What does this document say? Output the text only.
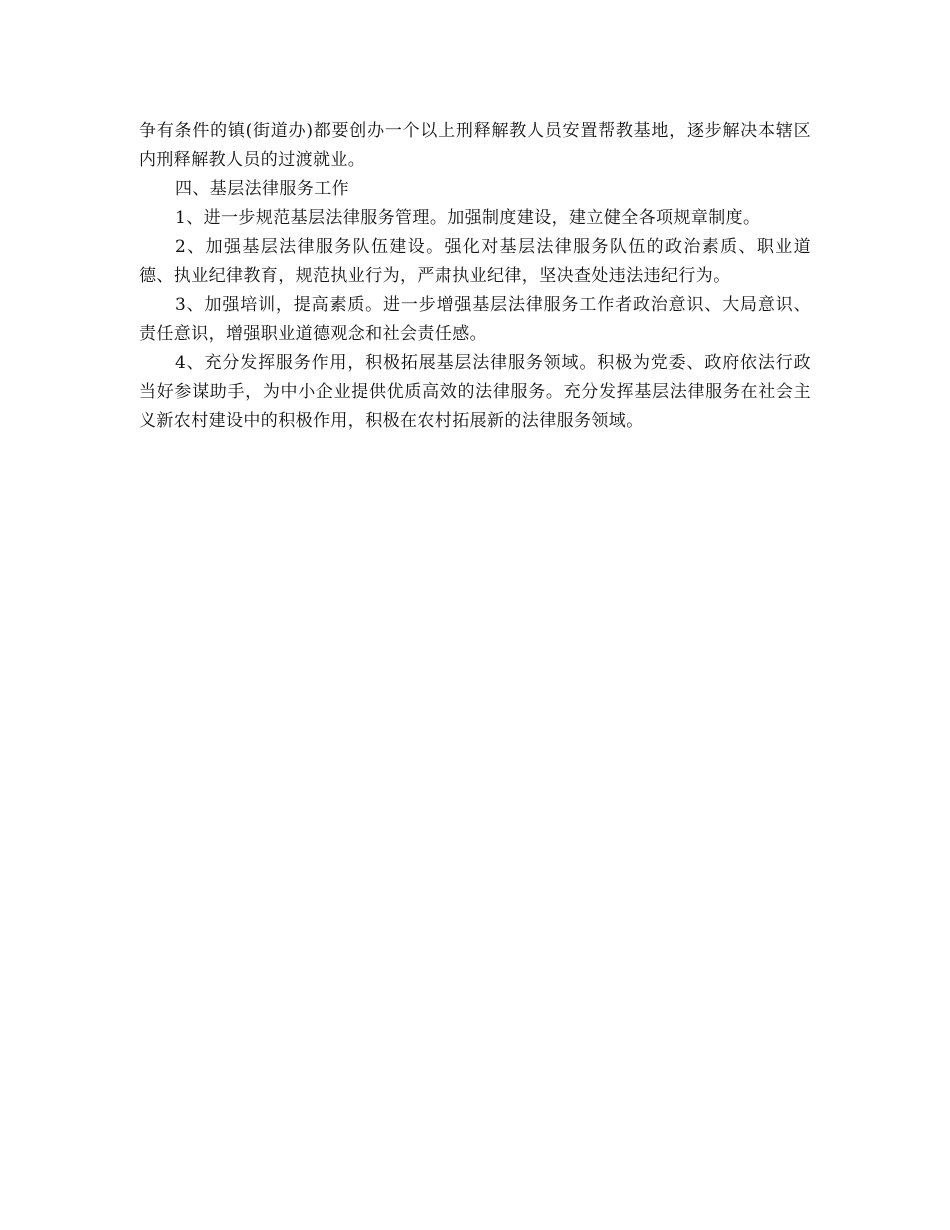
争有条件的镇(街道办)都要创办一个以上刑释解教人员安置帮教基地，逐步解决本辖区内刑释解教人员的过渡就业。

四、基层法律服务工作

1、进一步规范基层法律服务管理。加强制度建设，建立健全各项规章制度。

2、加强基层法律服务队伍建设。强化对基层法律服务队伍的政治素质、职业道德、执业纪律教育，规范执业行为，严肃执业纪律，坚决查处违法违纪行为。

3、加强培训，提高素质。进一步增强基层法律服务工作者政治意识、大局意识、责任意识，增强职业道德观念和社会责任感。

4、充分发挥服务作用，积极拓展基层法律服务领域。积极为党委、政府依法行政当好参谋助手，为中小企业提供优质高效的法律服务。充分发挥基层法律服务在社会主义新农村建设中的积极作用，积极在农村拓展新的法律服务领域。
